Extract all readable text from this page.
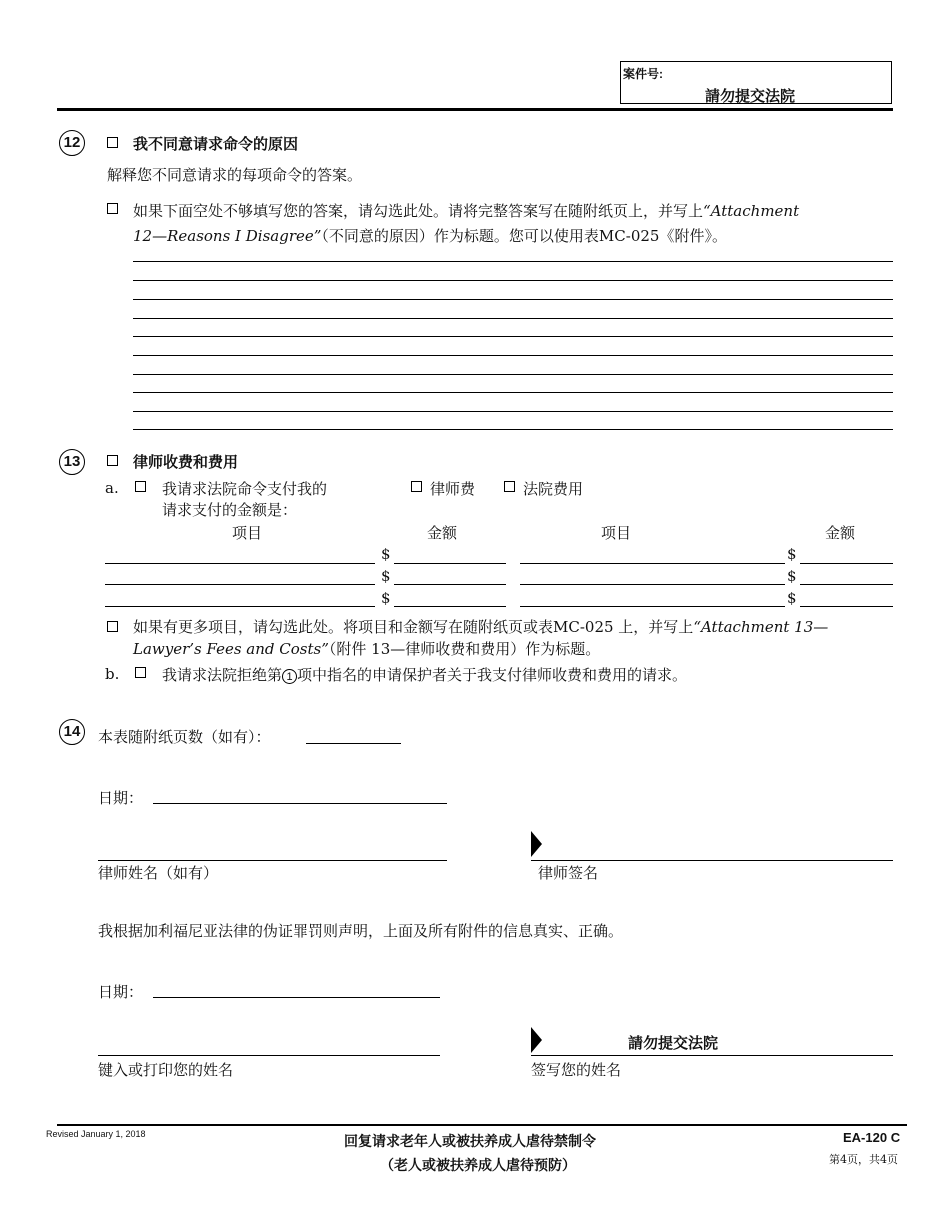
案件号:
請勿提交法院
12	我不同意请求命令的原因
解释您不同意请求的每项命令的答案。
如果下面空处不够填写您的答案，请勾选此处。请将完整答案写在随附纸页上，并写上“Attachment
12—Reasons I Disagree”（不同意的原因）作为标题。您可以使用表MC-025《附件》。
13	律师收费和费用
a.	我请求法院命令支付我的
请求支付的金额是：
律师费	法院费用
项目	金额	项目	金额
$	$
$	$
$	$
如果有更多项目，请勾选此处。将项目和金额写在随附纸页或表MC-025 上，并写上“Attachment 13—
Lawyer’s Fees and Costs”（附件 13—律师收费和费用）作为标题。
b.	我请求法院拒绝第 1 项中指名的申请保护者关于我支付律师收费和费用的请求。
14	本表随附纸页数（如有）：
日期：
律师姓名（如有）	律师签名
我根据加利福尼亚法律的伪证罪罚则声明，上面及所有附件的信息真实、正确。
日期：
键入或打印您的姓名
請勿提交法院
签写您的姓名
Revised January 1, 2018	回复请求老年人或被扶养成人虐待禁制令
（老人或被扶养成人虐待预防）
EA-120 C
第4页，共4页
